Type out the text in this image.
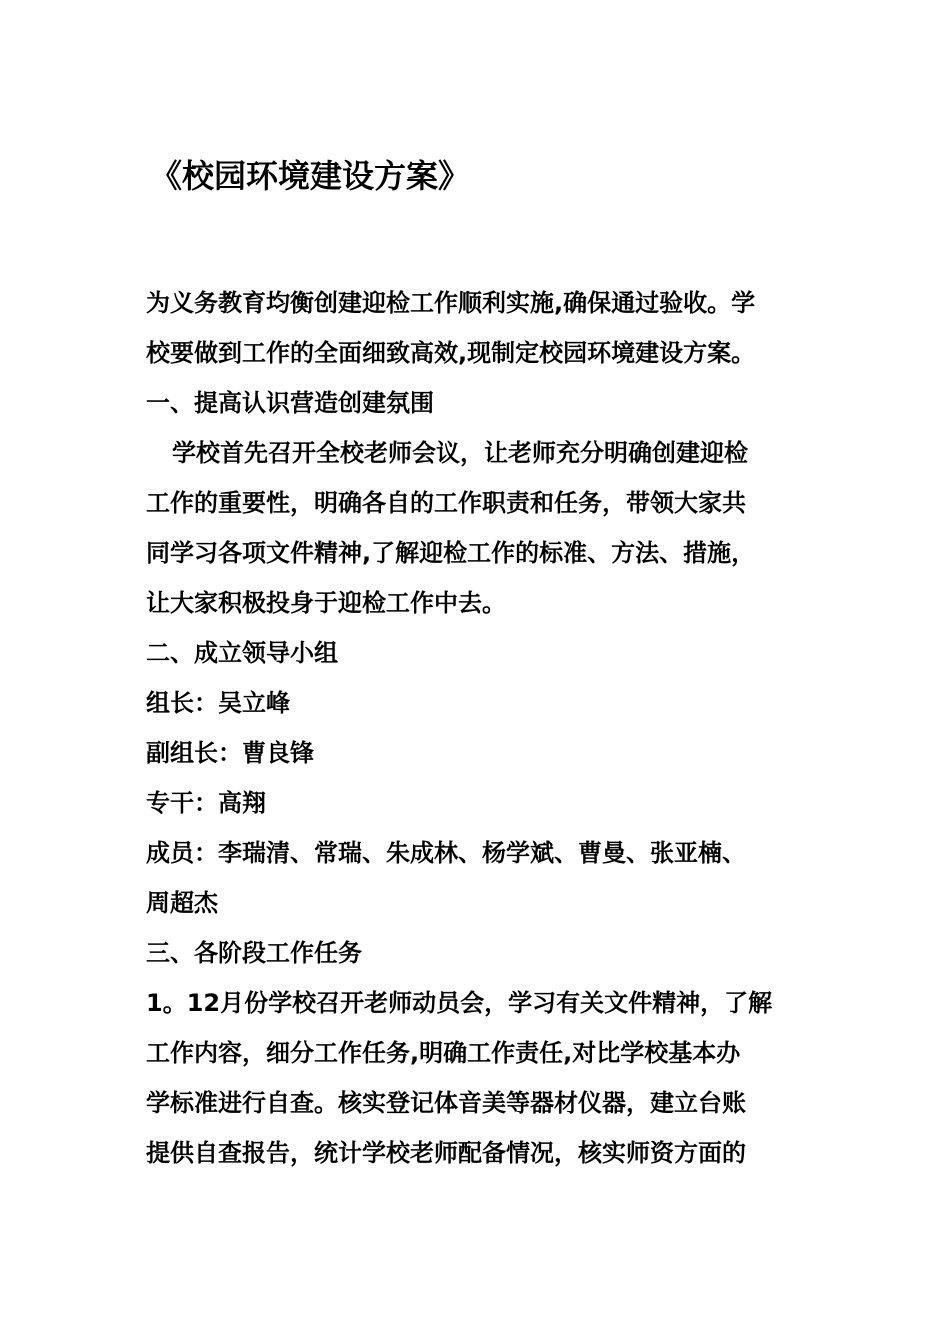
《校园环境建设方案》

为义务教育均衡创建迎检工作顺利实施,确保通过验收。学

校要做到工作的全面细致高效,现制定校园环境建设方案。

一、提高认识营造创建氛围

学校首先召开全校老师会议，让老师充分明确创建迎检

工作的重要性，明确各自的工作职责和任务，带领大家共

同学习各项文件精神,了解迎检工作的标准、方法、措施，

让大家积极投身于迎检工作中去。

二、成立领导小组

组长：吴立峰

副组长：曹良锋

专干：高翔

成员：李瑞清、常瑞、朱成林、杨学斌、曹曼、张亚楠、

周超杰

三、各阶段工作任务

1。12月份学校召开老师动员会，学习有关文件精神，了解

工作内容，细分工作任务,明确工作责任,对比学校基本办

学标准进行自查。核实登记体音美等器材仪器，建立台账

提供自查报告，统计学校老师配备情况，核实师资方面的
